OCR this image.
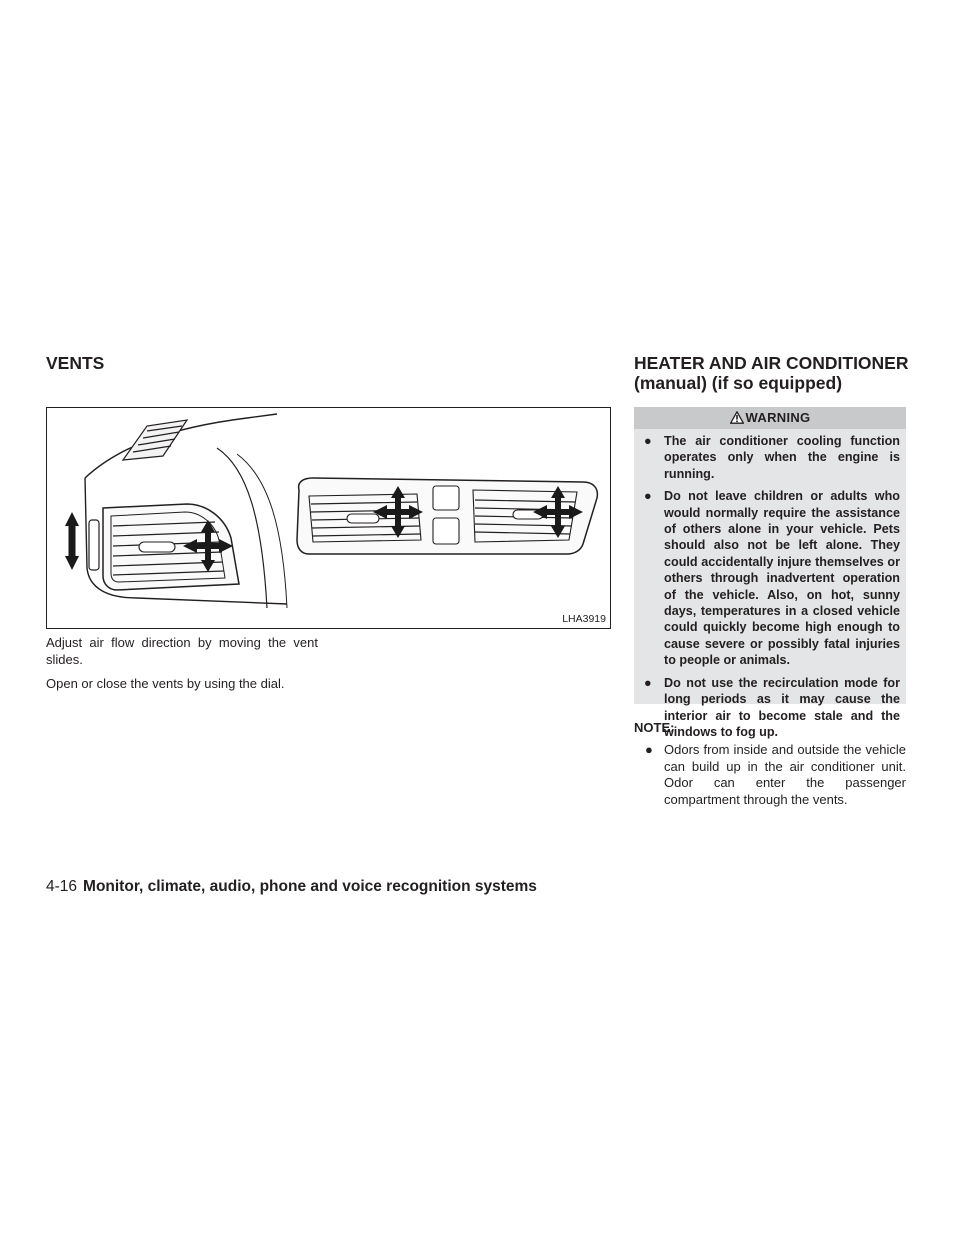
VENTS	HEATER AND AIR CONDITIONER
(manual) (if so equipped)
LHA3919

Adjust air flow direction by moving the vent slides.

Open or close the vents by using the dial.

WARNING
● The air conditioner cooling function operates only when the engine is running.
● Do not leave children or adults who would normally require the assistance of others alone in your vehicle. Pets should also not be left alone. They could accidentally injure themselves or others through inadvertent operation of the vehicle. Also, on hot, sunny days, temperatures in a closed vehicle could quickly become high enough to cause severe or possibly fatal injuries to people or animals.
● Do not use the recirculation mode for long periods as it may cause the interior air to become stale and the windows to fog up.

NOTE:

● Odors from inside and outside the vehicle can build up in the air conditioner unit. Odor can enter the passenger compartment through the vents.

4-16 Monitor, climate, audio, phone and voice recognition systems
